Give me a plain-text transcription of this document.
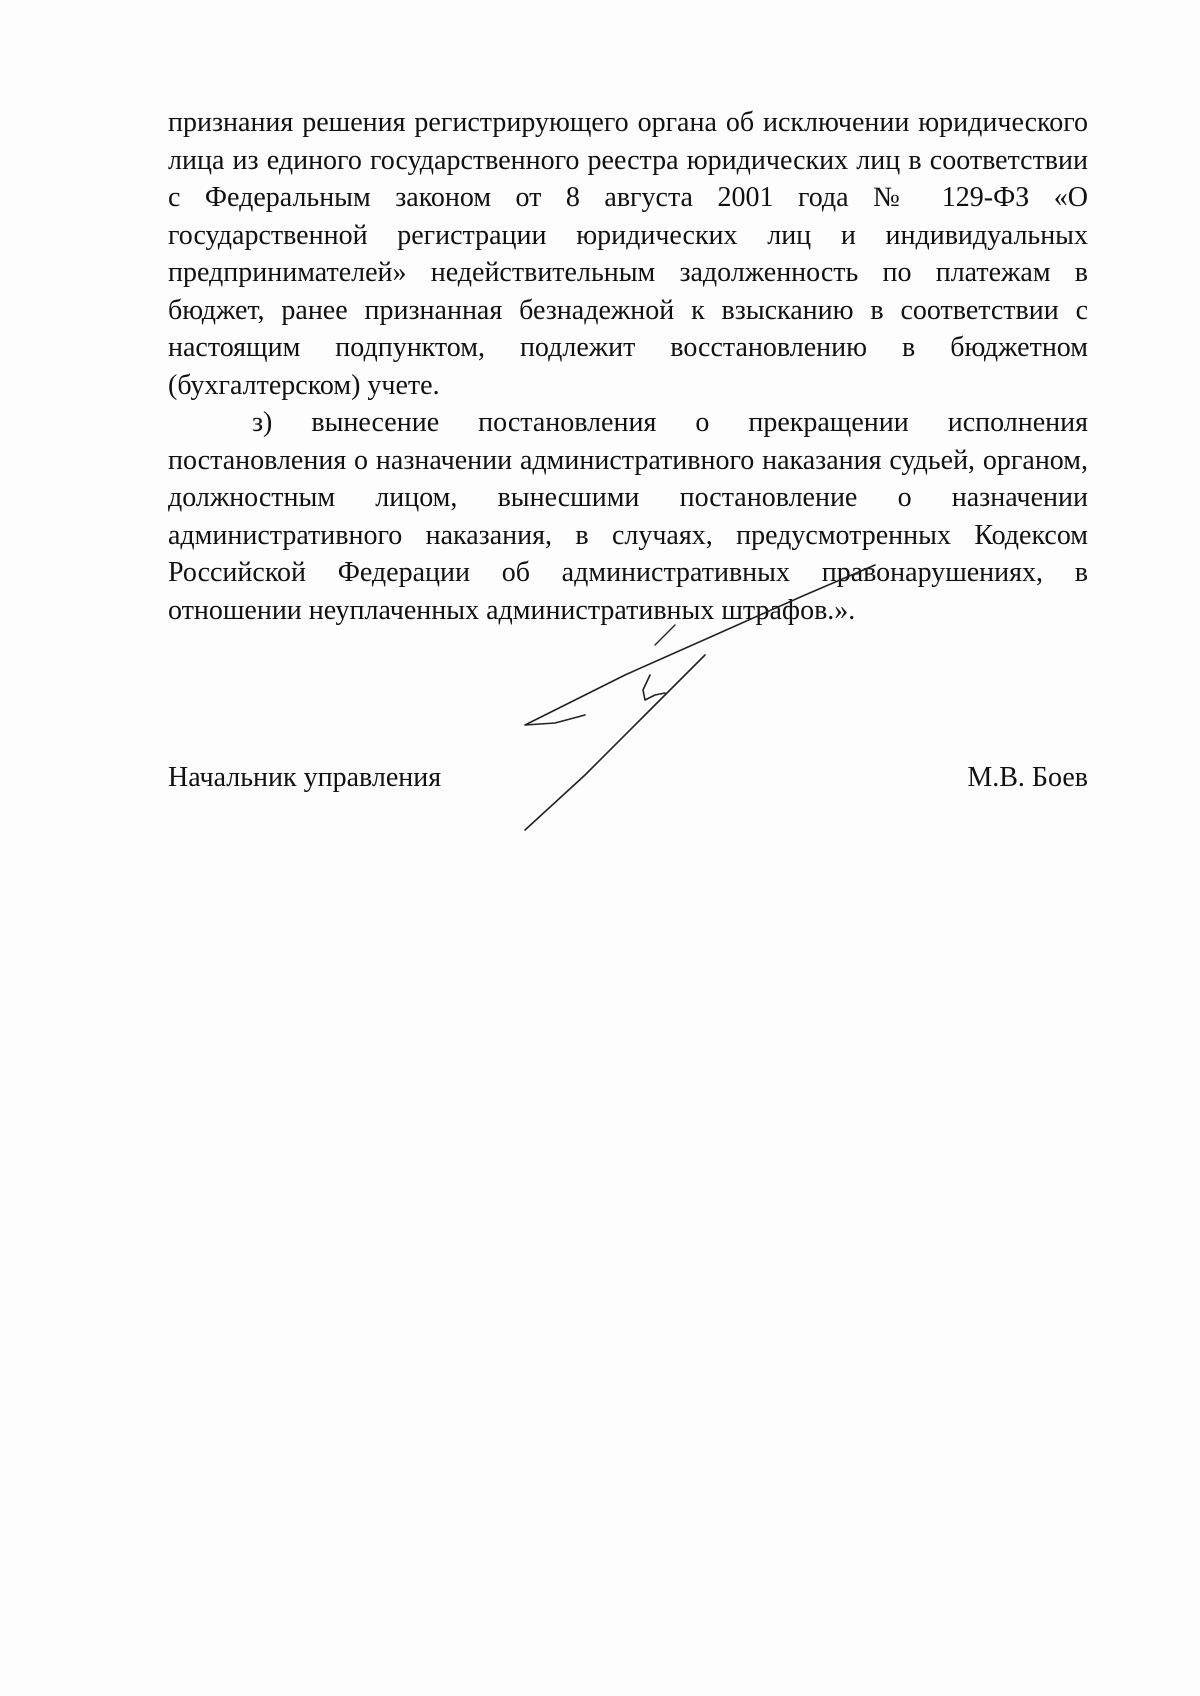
признания решения регистрирующего органа об исключении юридического лица из единого государственного реестра юридических лиц в соответствии с Федеральным законом от 8 августа 2001 года № 129-ФЗ «О государственной регистрации юридических лиц и индивидуальных предпринимателей» недействительным задолженность по платежам в бюджет, ранее признанная безнадежной к взысканию в соответствии с настоящим подпунктом, подлежит восстановлению в бюджетном (бухгалтерском) учете.

з) вынесение постановления о прекращении исполнения постановления о назначении административного наказания судьей, органом, должностным лицом, вынесшими постановление о назначении административного наказания, в случаях, предусмотренных Кодексом Российской Федерации об административных правонарушениях, в отношении неуплаченных административных штрафов.».

Начальник управления	М.В. Боев
